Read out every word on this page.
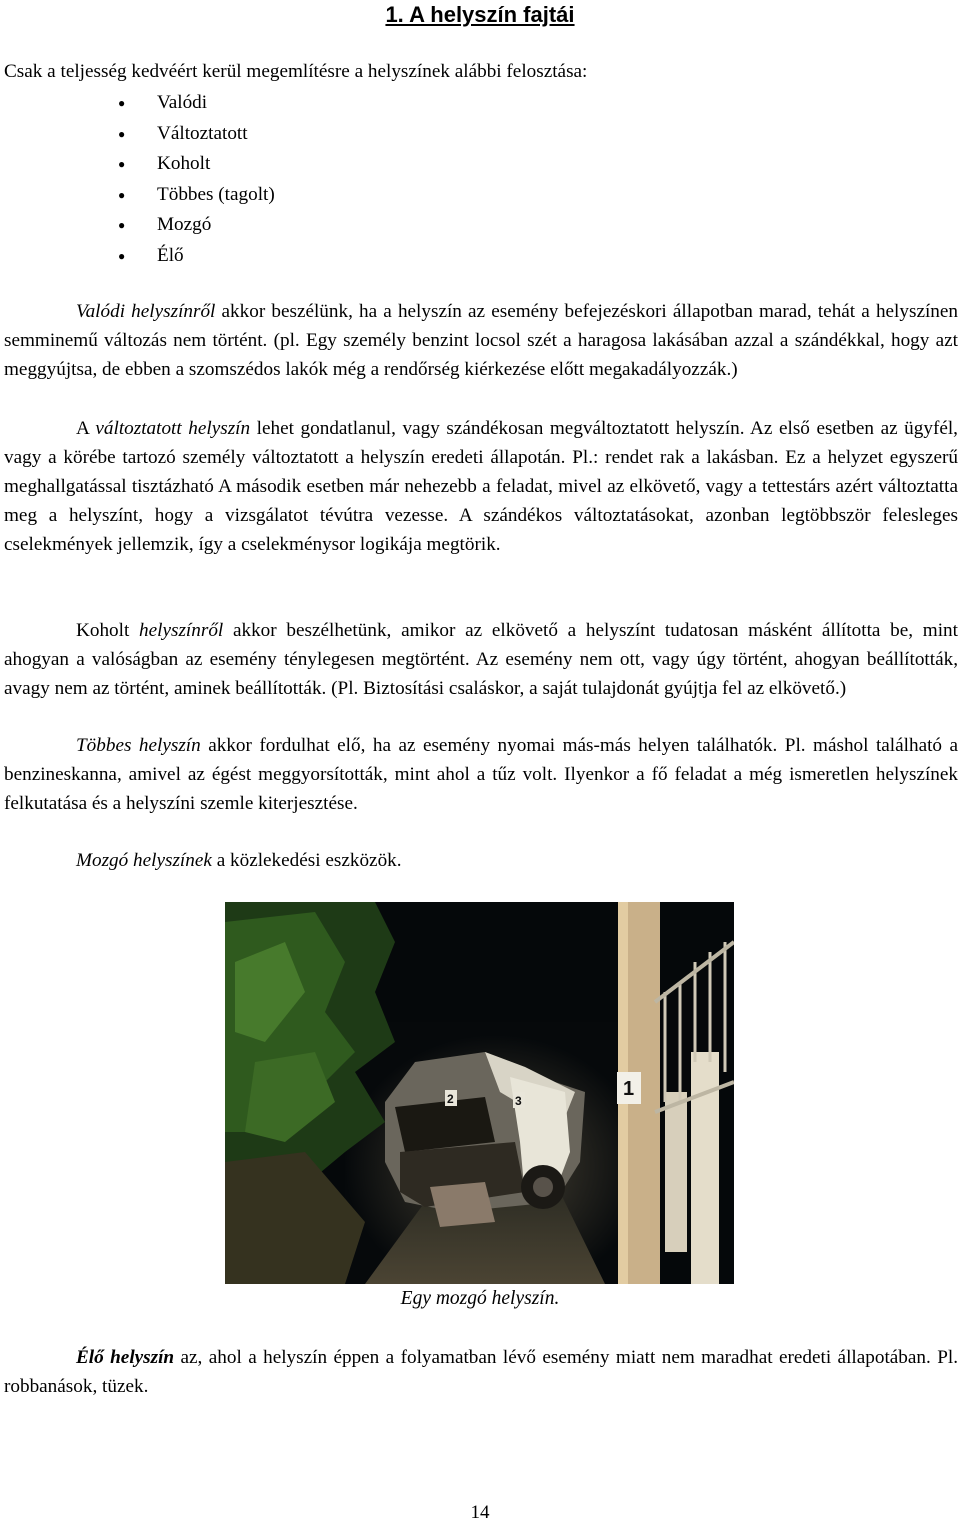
1. A helyszín fajtái
Csak a teljesség kedvéért kerül megemlítésre a helyszínek alábbi felosztása:
● Valódi
● Változtatott
● Koholt
● Többes (tagolt)
● Mozgó
● Élő
Valódi helyszínről akkor beszélünk, ha a helyszín az esemény befejezéskori állapotban marad, tehát a helyszínen semminemű változás nem történt. (pl. Egy személy benzint locsol szét a haragosa lakásában azzal a szándékkal, hogy azt meggyújtsa, de ebben a szomszédos lakók még a rendőrség kiérkezése előtt megakadályozzák.)
A változtatott helyszín lehet gondatlanul, vagy szándékosan megváltoztatott helyszín. Az első esetben az ügyfél, vagy a körébe tartozó személy változtatott a helyszín eredeti állapotán. Pl.: rendet rak a lakásban. Ez a helyzet egyszerű meghallgatással tisztázható A második esetben már nehezebb a feladat, mivel az elkövető, vagy a tettestárs azért változtatta meg a helyszínt, hogy a vizsgálatot tévútra vezesse. A szándékos változtatásokat, azonban legtöbbször felesleges cselekmények jellemzik, így a cselekménysor logikája megtörik.
Koholt helyszínről akkor beszélhetünk, amikor az elkövető a helyszínt tudatosan másként állította be, mint ahogyan a valóságban az esemény ténylegesen megtörtént. Az esemény nem ott, vagy úgy történt, ahogyan beállították, avagy nem az történt, aminek beállították. (Pl. Biztosítási csaláskor, a saját tulajdonát gyújtja fel az elkövető.)
Többes helyszín akkor fordulhat elő, ha az esemény nyomai más-más helyen találhatók. Pl. máshol található a benzineskanna, amivel az égést meggyorsították, mint ahol a tűz volt. Ilyenkor a fő feladat a még ismeretlen helyszínek felkutatása és a helyszíni szemle kiterjesztése.
Mozgó helyszínek a közlekedési eszközök.
2	3
1
Egy mozgó helyszín.
Élő helyszín az, ahol a helyszín éppen a folyamatban lévő esemény miatt nem maradhat eredeti állapotában. Pl. robbanások, tüzek.
14
